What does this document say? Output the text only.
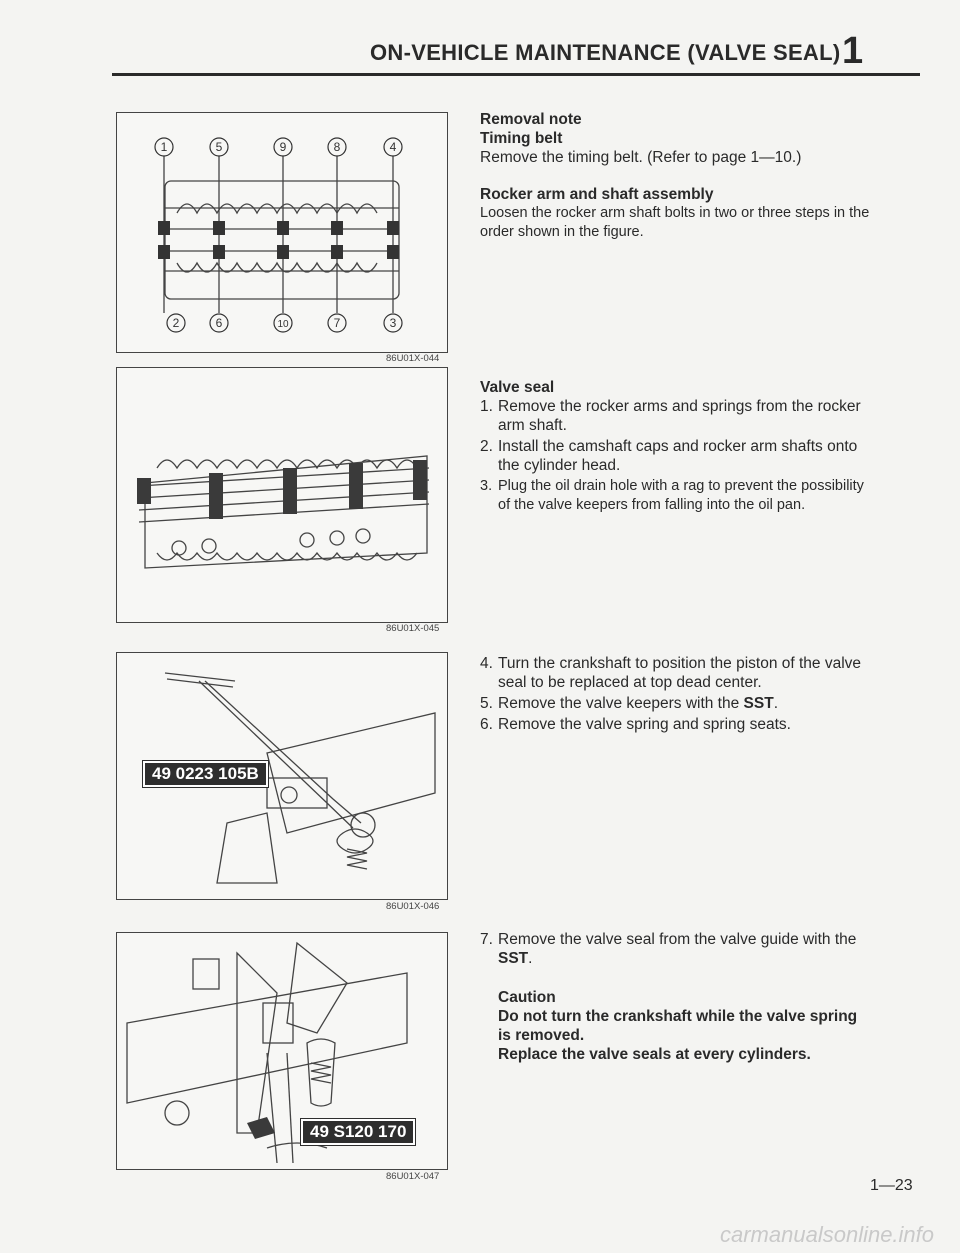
ON-VEHICLE MAINTENANCE (VALVE SEAL) 1
1	5	9	8	4
2	6	10	7	3
86U01X-044
86U01X-045
49 0223 105B
86U01X-046
49 S120 170
86U01X-047

Removal note

Timing belt

Remove the timing belt. (Refer to page 1—10.)

Rocker arm and shaft assembly

Loosen the rocker arm shaft bolts in two or three steps in the order shown in the figure.

Valve seal

1. Remove the rocker arms and springs from the rocker arm shaft.
2. Install the camshaft caps and rocker arm shafts onto the cylinder head.
3. Plug the oil drain hole with a rag to prevent the possibility of the valve keepers from falling into the oil pan.
4. Turn the crankshaft to position the piston of the valve seal to be replaced at top dead center.
5. Remove the valve keepers with the SST.
6. Remove the valve spring and spring seats.
7. Remove the valve seal from the valve guide with the SST.

Caution

Do not turn the crankshaft while the valve spring is removed.

Replace the valve seals at every cylinders.

1—23
carmanualsonline.info
